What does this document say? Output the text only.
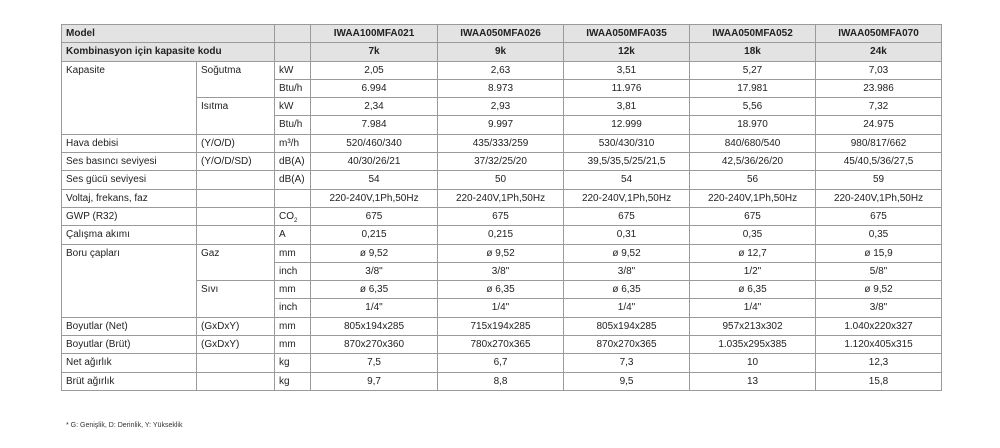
Model			IWAA100MFA021	IWAA050MFA026	IWAA050MFA035	IWAA050MFA052	IWAA050MFA070
Kombinasyon için kapasite kodu			7k	9k	12k	18k	24k
Kapasite	Soğutma	kW	2,05	2,63	3,51	5,27	7,03
		Btu/h	6.994	8.973	11.976	17.981	23.986
	Isıtma	kW	2,34	2,93	3,81	5,56	7,32
		Btu/h	7.984	9.997	12.999	18.970	24.975
Hava debisi	(Y/O/D)	m³/h	520/460/340	435/333/259	530/430/310	840/680/540	980/817/662
Ses basıncı seviyesi	(Y/O/D/SD)	dB(A)	40/30/26/21	37/32/25/20	39,5/35,5/25/21,5	42,5/36/26/20	45/40,5/36/27,5
Ses gücü seviyesi		dB(A)	54	50	54	56	59
Voltaj, frekans, faz			220-240V,1Ph,50Hz	220-240V,1Ph,50Hz	220-240V,1Ph,50Hz	220-240V,1Ph,50Hz	220-240V,1Ph,50Hz
GWP (R32)		$CO_2$	675	675	675	675	675
Çalışma akımı		A	0,215	0,215	0,31	0,35	0,35
Boru çapları	Gaz	mm	ø 9,52	ø 9,52	ø 9,52	ø 12,7	ø 15,9
		inch	3/8"	3/8"	3/8"	1/2"	5/8"
	Sıvı	mm	ø 6,35	ø 6,35	ø 6,35	ø 6,35	ø 9,52
		inch	1/4"	1/4"	1/4"	1/4"	3/8"
Boyutlar (Net)	(GxDxY)	mm	805x194x285	715x194x285	805x194x285	957x213x302	1.040x220x327
Boyutlar (Brüt)	(GxDxY)	mm	870x270x360	780x270x365	870x270x365	1.035x295x385	1.120x405x315
Net ağırlık		kg	7,5	6,7	7,3	10	12,3
Brüt ağırlık		kg	9,7	8,8	9,5	13	15,8
* G: Genişlik, D: Derinlik, Y: Yükseklik
